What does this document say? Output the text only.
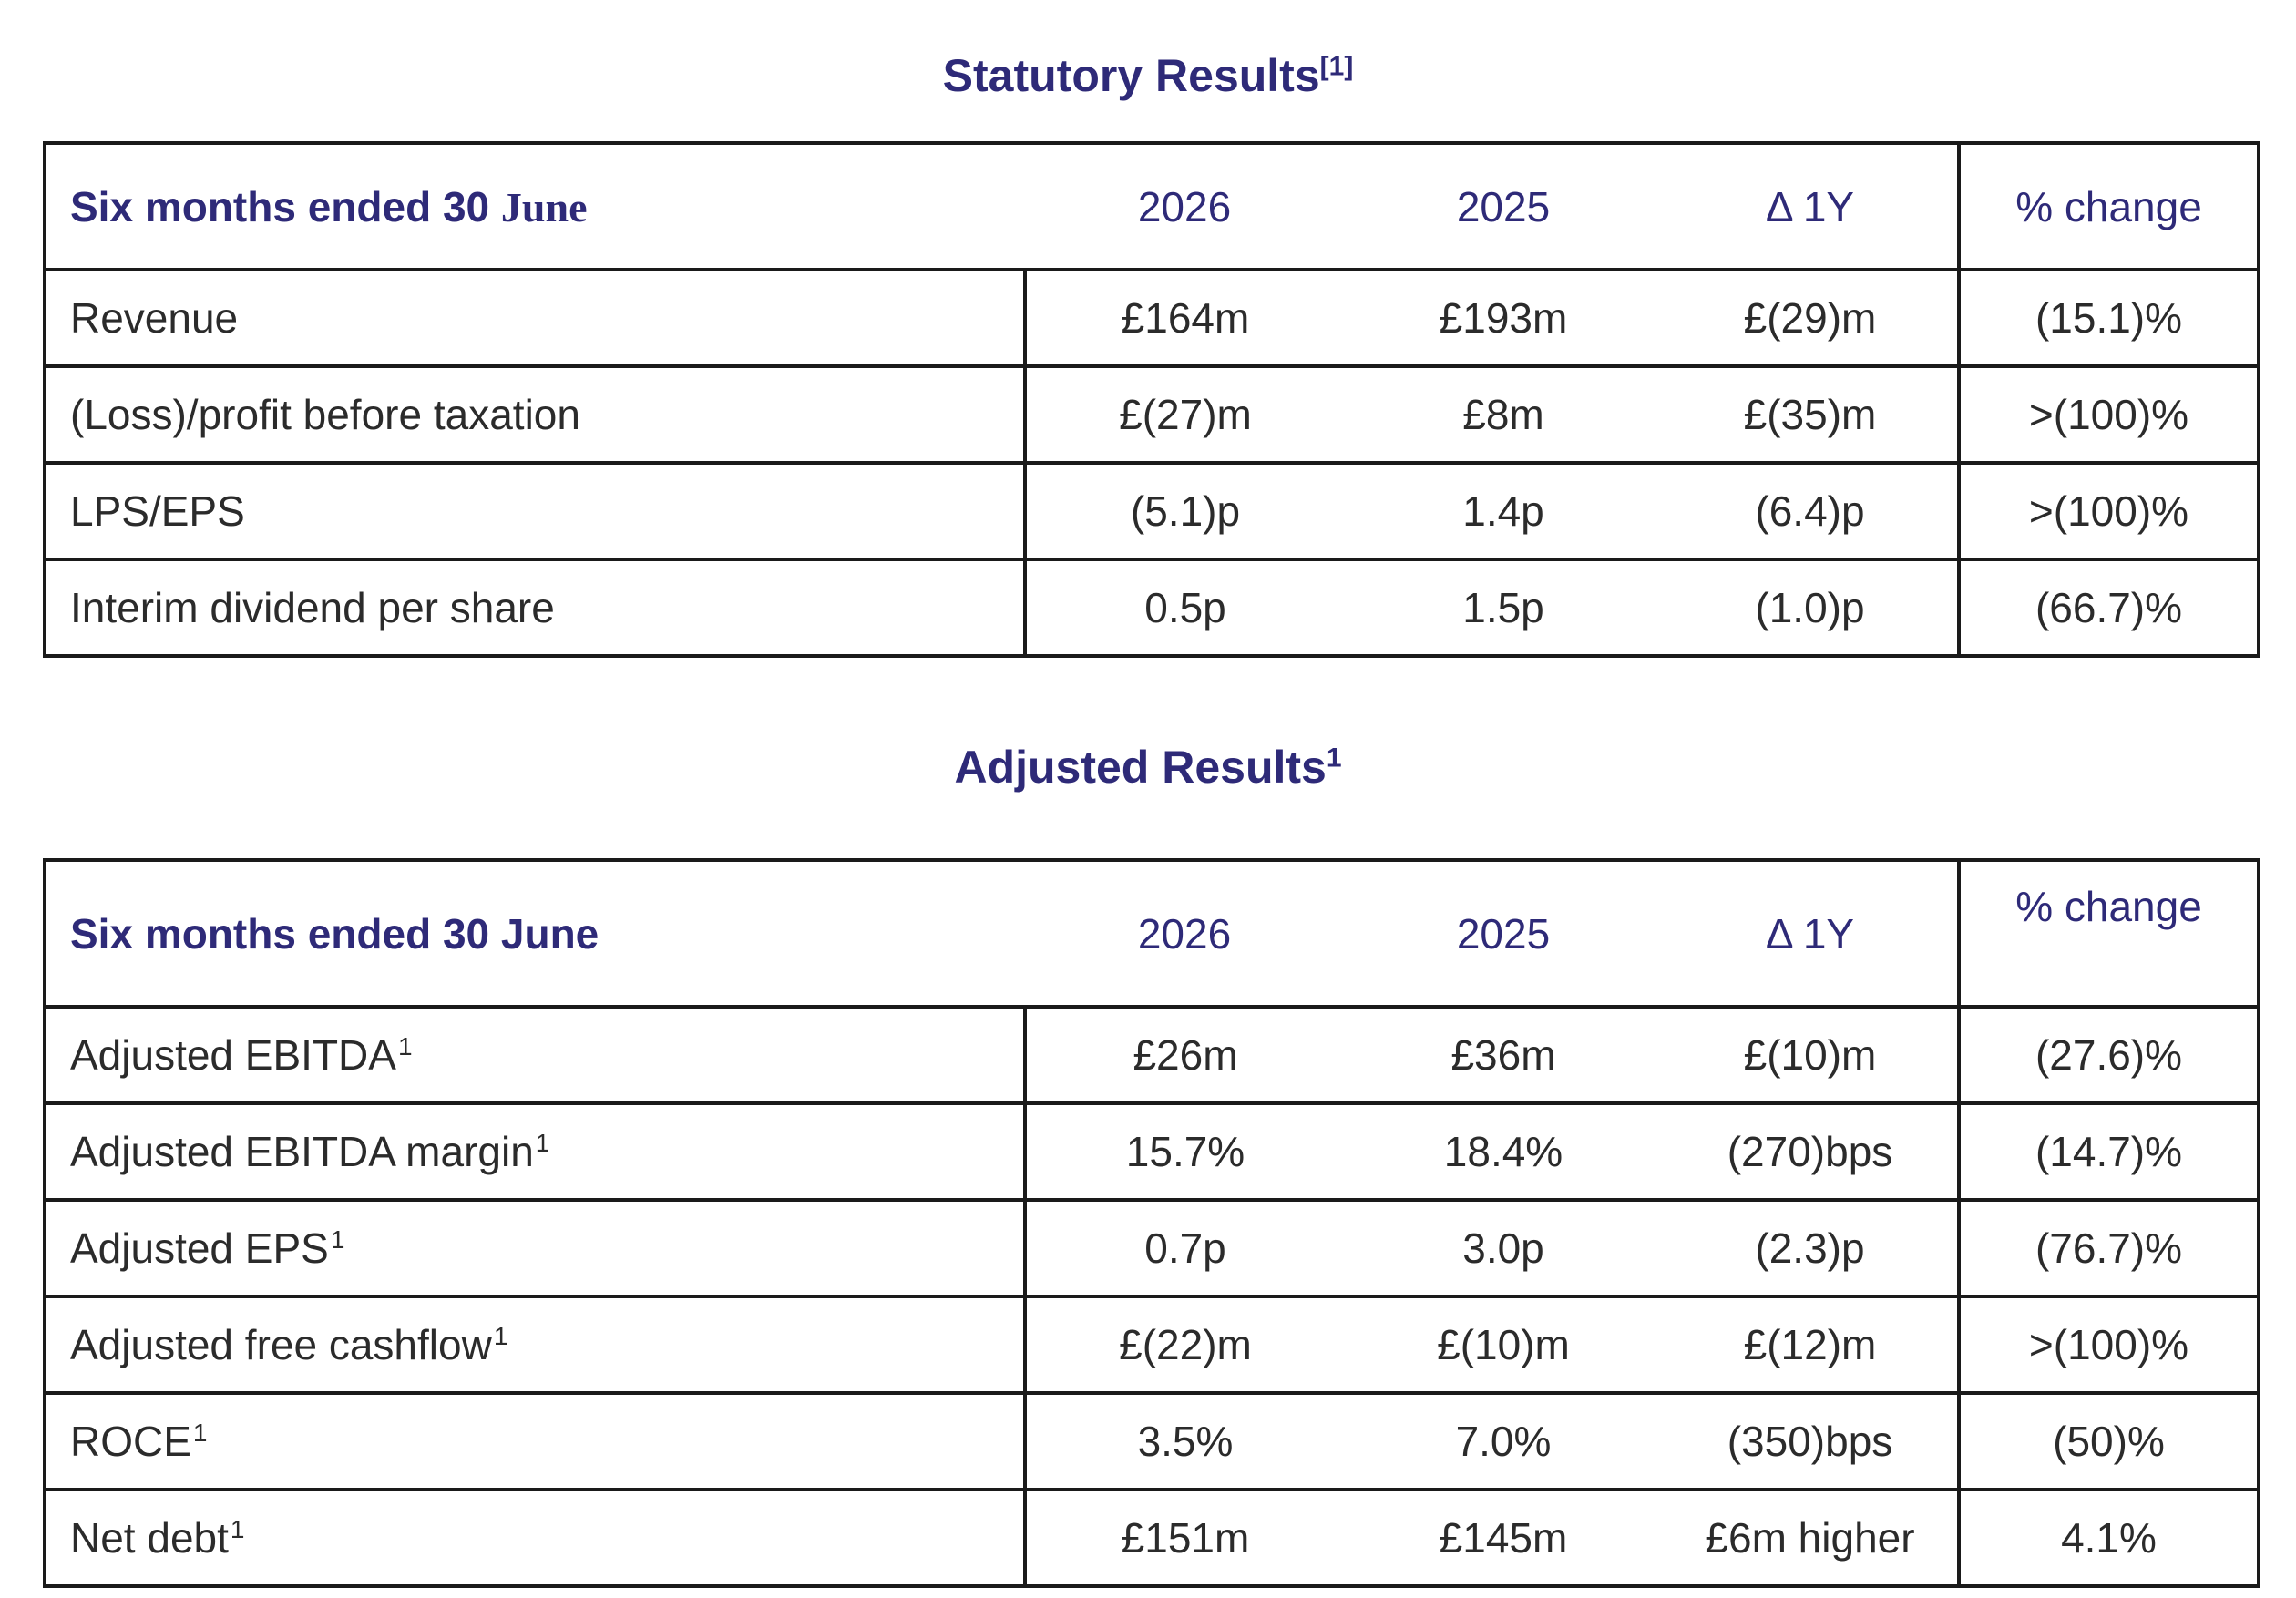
Statutory Results[1]
Six months ended 30 June	2026	2025	Δ 1Y	% change
Revenue	£164m	£193m	£(29)m	(15.1)%
(Loss)/profit before taxation	£(27)m	£8m	£(35)m	>(100)%
LPS/EPS	(5.1)p	1.4p	(6.4)p	>(100)%
Interim dividend per share	0.5p	1.5p	(1.0)p	(66.7)%
Adjusted Results$^1$
Six months ended 30 June	2026	2025	Δ 1Y	% change
Adjusted EBITDA$^1$	£26m	£36m	£(10)m	(27.6)%
Adjusted EBITDA margin$^1$	15.7%	18.4%	(270)bps	(14.7)%
Adjusted EPS$^1$	0.7p	3.0p	(2.3)p	(76.7)%
Adjusted free cashflow$^1$	£(22)m	£(10)m	£(12)m	>(100)%
ROCE$^1$	3.5%	7.0%	(350)bps	(50)%
Net debt$^1$	£151m	£145m	£6m higher	4.1%
